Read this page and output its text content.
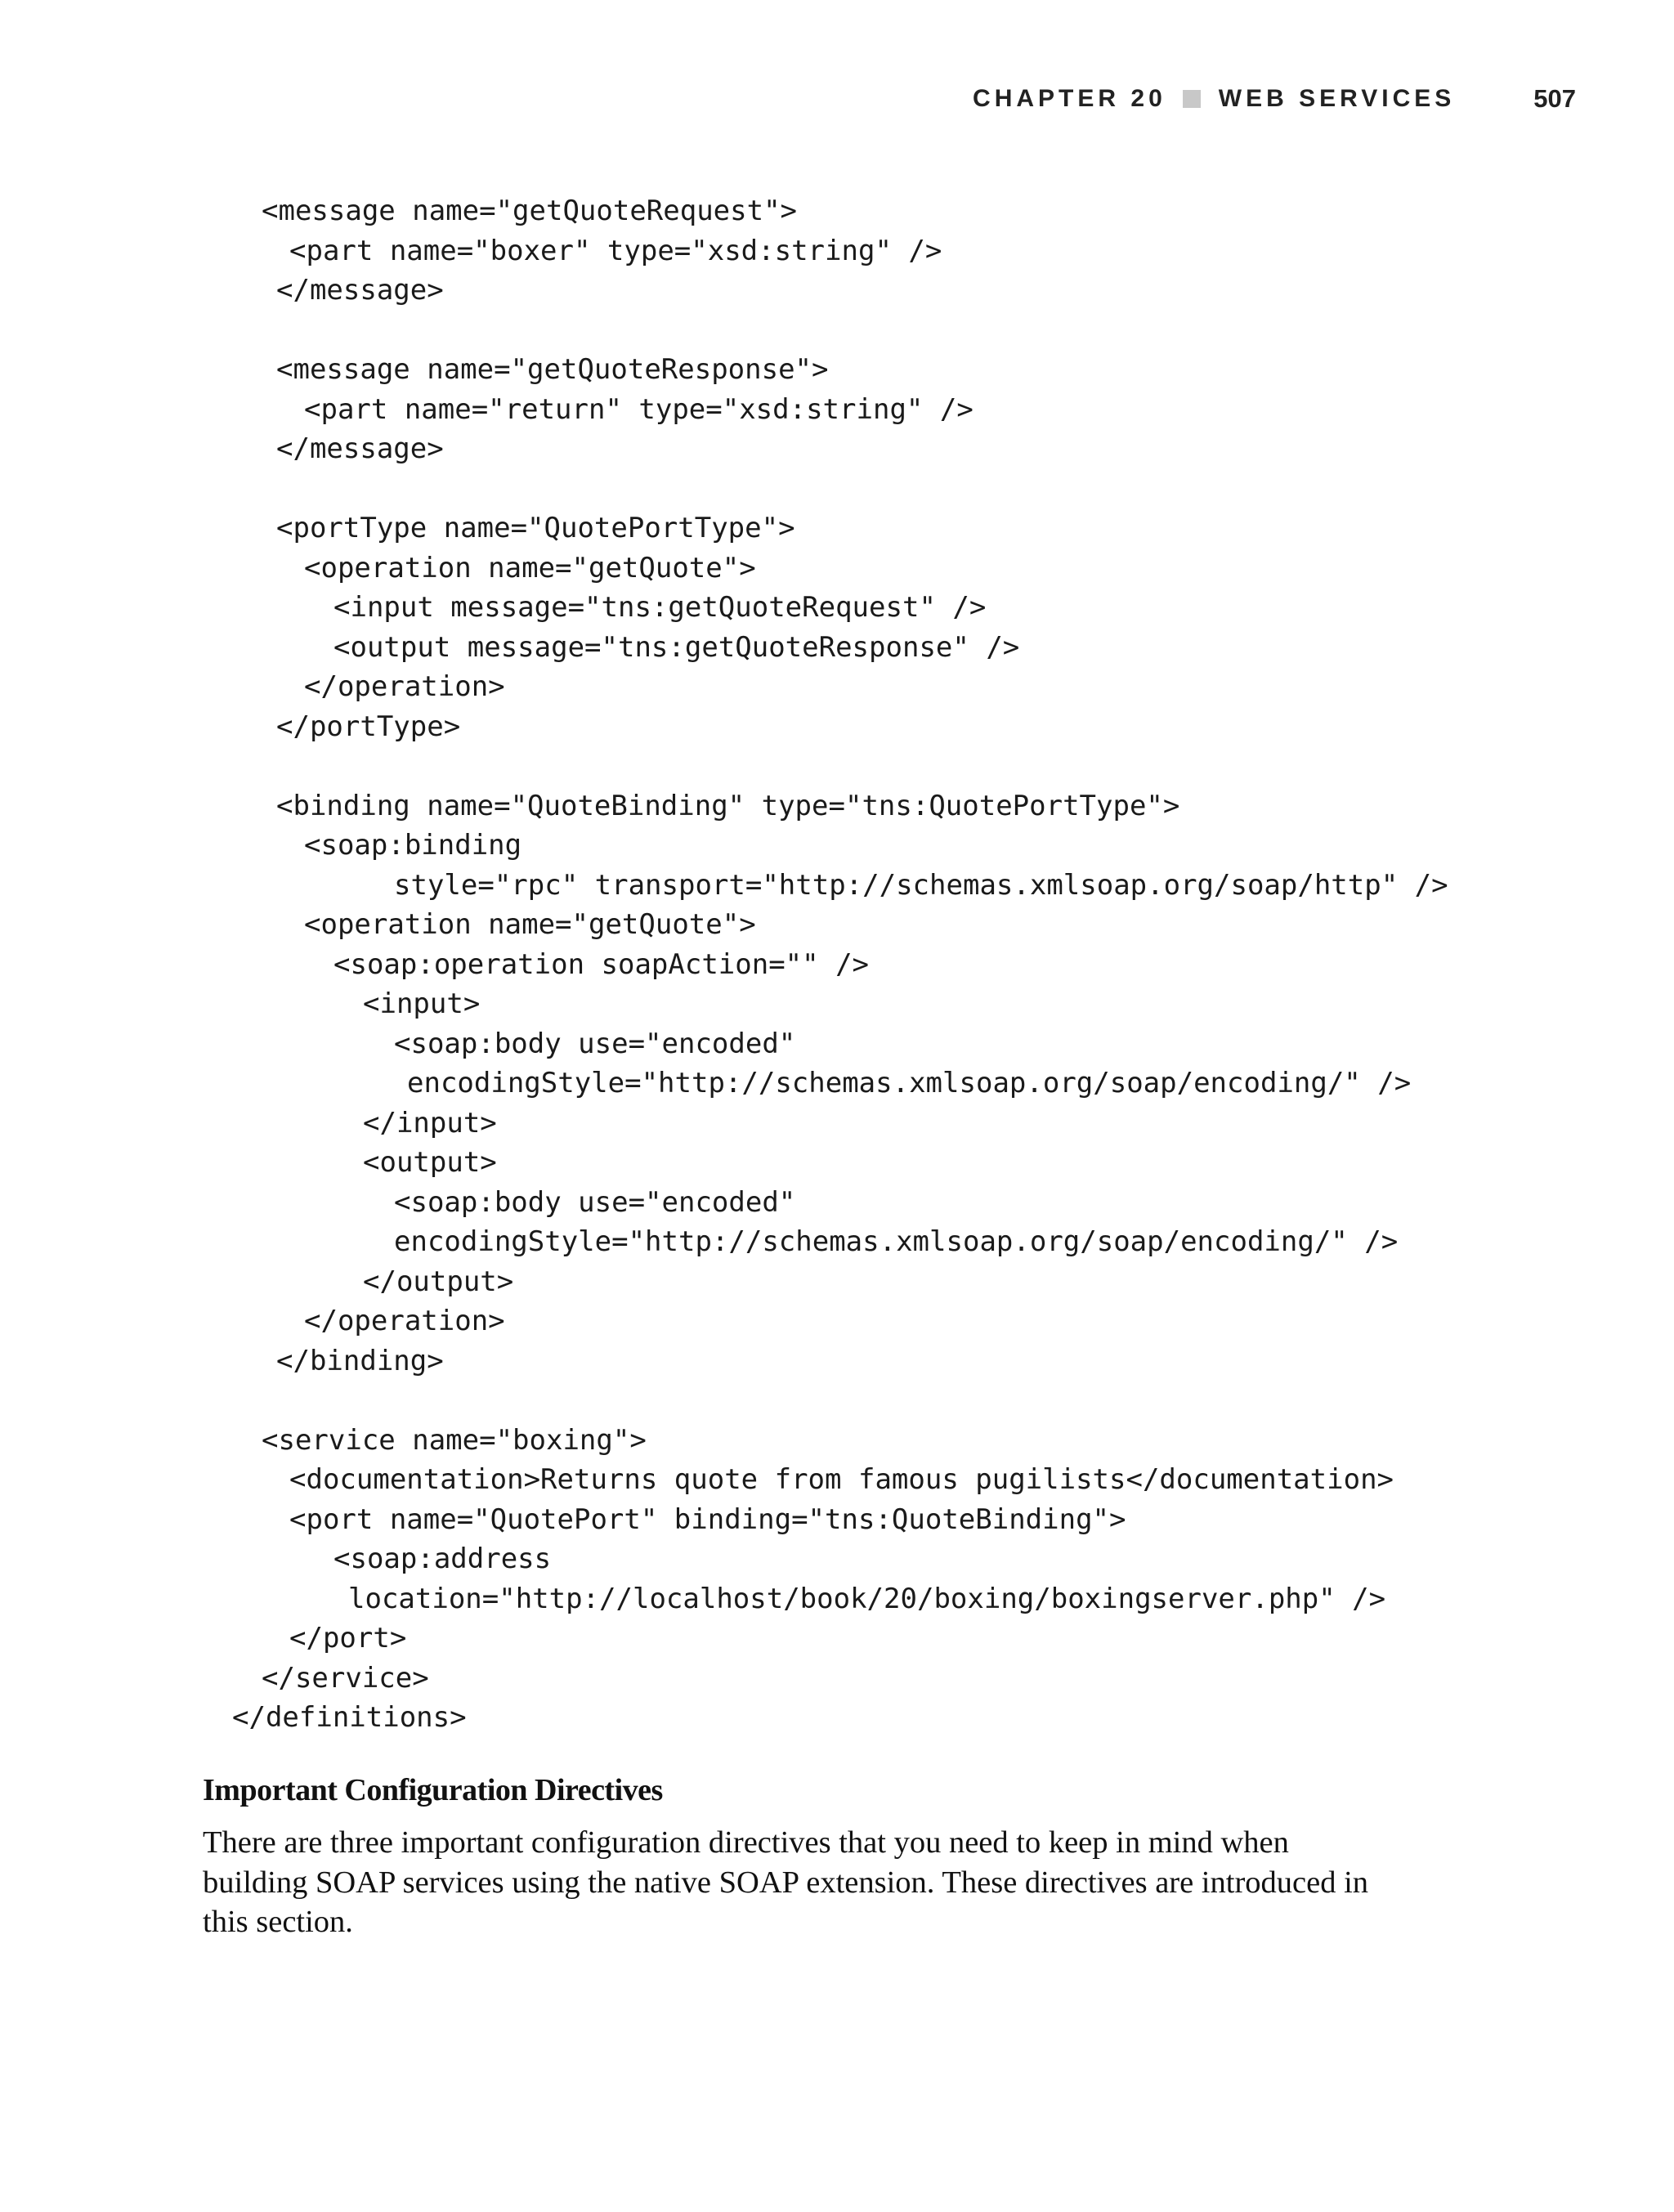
CHAPTER 20 WEB SERVICES	507
<message name="getQuoteRequest">
<part name="boxer" type="xsd:string" />
</message>
<message name="getQuoteResponse">
<part name="return" type="xsd:string" />
</message>
<portType name="QuotePortType">
<operation name="getQuote">
<input message="tns:getQuoteRequest" />
<output message="tns:getQuoteResponse" />
</operation>
</portType>
<binding name="QuoteBinding" type="tns:QuotePortType">
<soap:binding
style="rpc" transport="http://schemas.xmlsoap.org/soap/http" />
<operation name="getQuote">
<soap:operation soapAction="" />
<input>
<soap:body use="encoded"
encodingStyle="http://schemas.xmlsoap.org/soap/encoding/" />
</input>
<output>
<soap:body use="encoded"
encodingStyle="http://schemas.xmlsoap.org/soap/encoding/" />
</output>
</operation>
</binding>
<service name="boxing">
<documentation>Returns quote from famous pugilists</documentation>
<port name="QuotePort" binding="tns:QuoteBinding">
<soap:address
location="http://localhost/book/20/boxing/boxingserver.php" />
</port>
</service>
</definitions>
Important Configuration Directives
There are three important configuration directives that you need to keep in mind when
building SOAP services using the native SOAP extension. These directives are introduced in
this section.
